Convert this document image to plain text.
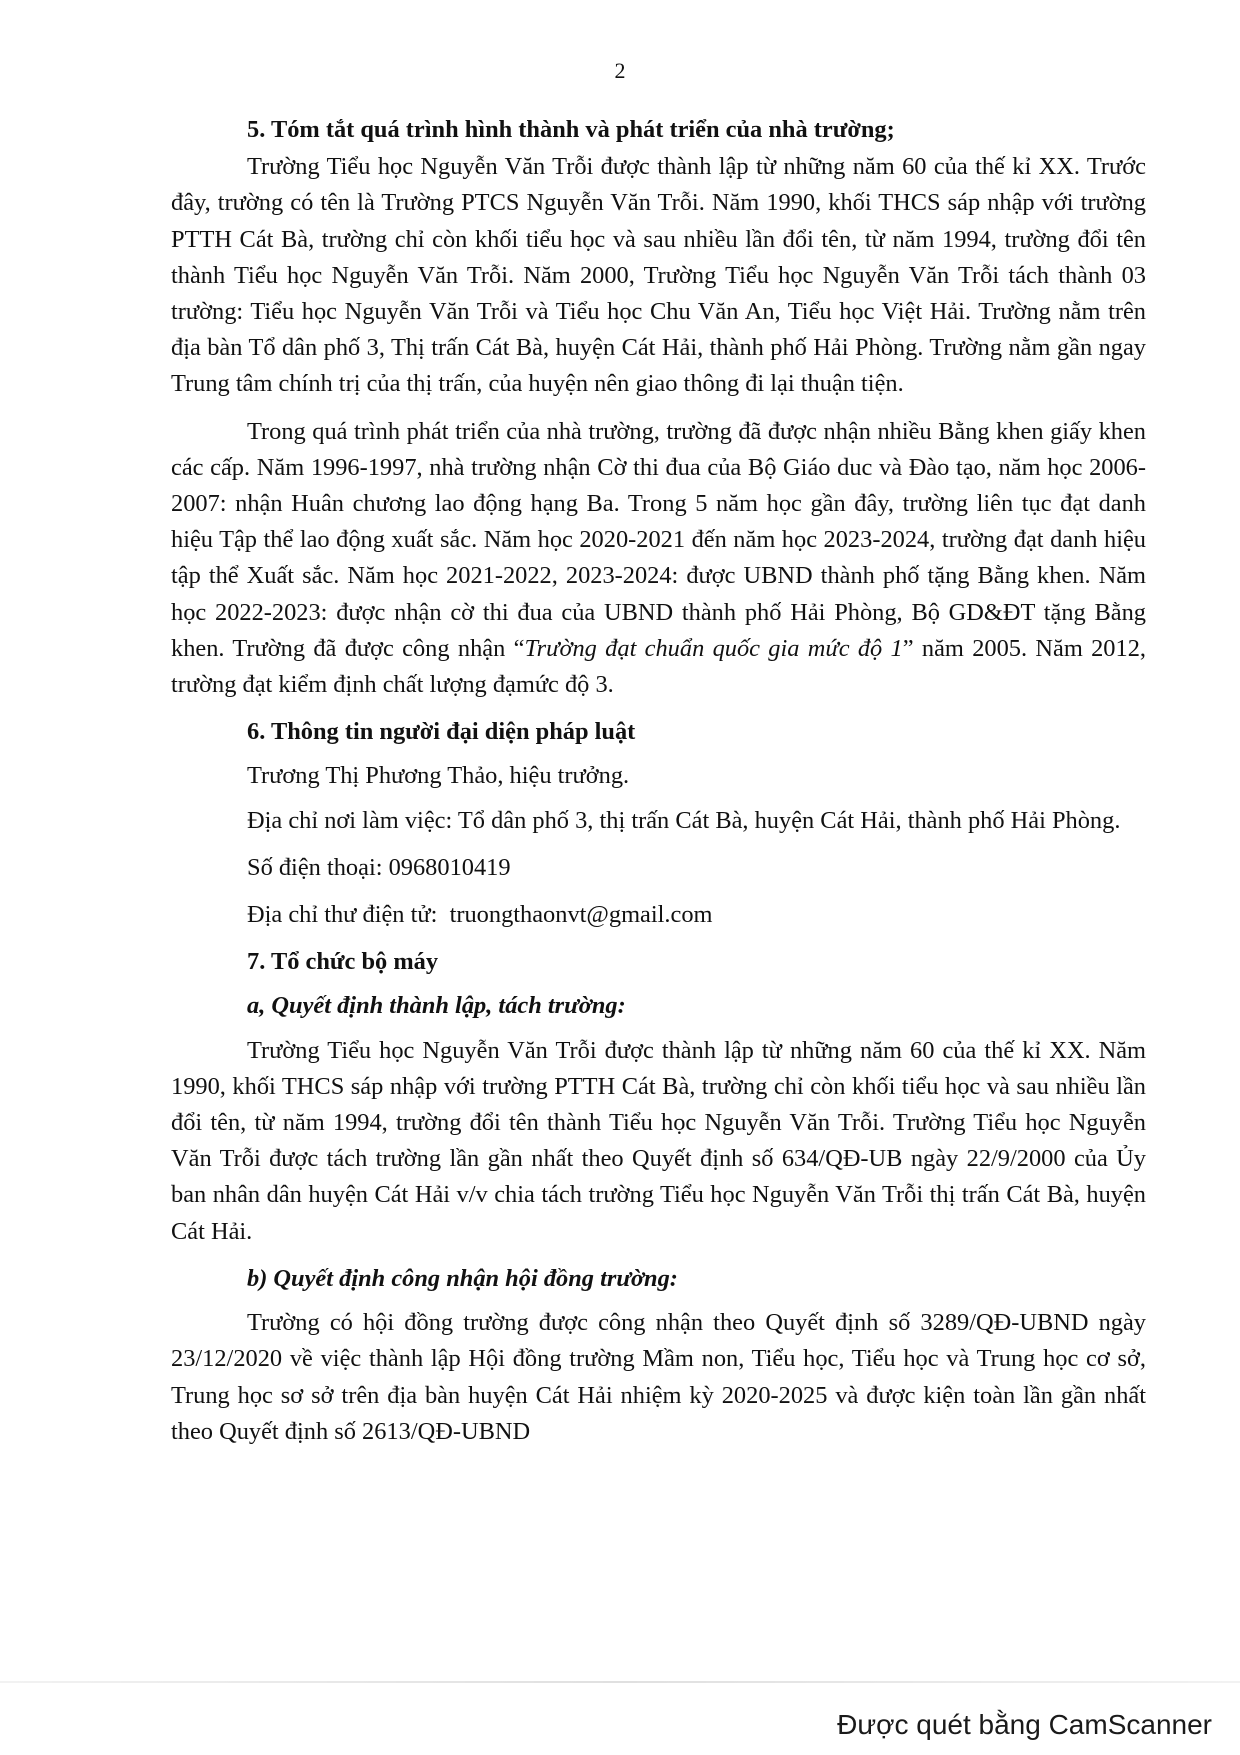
2

5. Tóm tắt quá trình hình thành và phát triển của nhà trường;

Trường Tiểu học Nguyễn Văn Trỗi được thành lập từ những năm 60 của thế kỉ XX. Trước đây, trường có tên là Trường PTCS Nguyễn Văn Trỗi. Năm 1990, khối THCS sáp nhập với trường PTTH Cát Bà, trường chỉ còn khối tiểu học và sau nhiều lần đổi tên, từ năm 1994, trường đổi tên thành Tiểu học Nguyễn Văn Trỗi. Năm 2000, Trường Tiểu học Nguyễn Văn Trỗi tách thành 03 trường: Tiểu học Nguyễn Văn Trỗi và Tiểu học Chu Văn An, Tiểu học Việt Hải. Trường nằm trên địa bàn Tổ dân phố 3, Thị trấn Cát Bà, huyện Cát Hải, thành phố Hải Phòng. Trường nằm gần ngay Trung tâm chính trị của thị trấn, của huyện nên giao thông đi lại thuận tiện.

Trong quá trình phát triển của nhà trường, trường đã được nhận nhiều Bằng khen giấy khen các cấp. Năm 1996-1997, nhà trường nhận Cờ thi đua của Bộ Giáo duc và Đào tạo, năm học 2006-2007: nhận Huân chương lao động hạng Ba. Trong 5 năm học gần đây, trường liên tục đạt danh hiệu Tập thể lao động xuất sắc. Năm học 2020-2021 đến năm học 2023-2024, trường đạt danh hiệu tập thể Xuất sắc. Năm học 2021-2022, 2023-2024: được UBND thành phố tặng Bằng khen. Năm học 2022-2023: được nhận cờ thi đua của UBND thành phố Hải Phòng, Bộ GD&ĐT tặng Bằng khen. Trường đã được công nhận “Trường đạt chuẩn quốc gia mức độ 1” năm 2005. Năm 2012, trường đạt kiểm định chất lượng đạmức độ 3.

6. Thông tin người đại diện pháp luật

Trương Thị Phương Thảo, hiệu trưởng.

Địa chỉ nơi làm việc: Tổ dân phố 3, thị trấn Cát Bà, huyện Cát Hải, thành phố Hải Phòng.

Số điện thoại: 0968010419

Địa chỉ thư điện tử: truongthaonvt@gmail.com

7. Tổ chức bộ máy

a, Quyết định thành lập, tách trường:

Trường Tiểu học Nguyễn Văn Trỗi được thành lập từ những năm 60 của thế kỉ XX. Năm 1990, khối THCS sáp nhập với trường PTTH Cát Bà, trường chỉ còn khối tiểu học và sau nhiều lần đổi tên, từ năm 1994, trường đổi tên thành Tiểu học Nguyễn Văn Trỗi. Trường Tiểu học Nguyễn Văn Trỗi được tách trường lần gần nhất theo Quyết định số 634/QĐ-UB ngày 22/9/2000 của Ủy ban nhân dân huyện Cát Hải v/v chia tách trường Tiểu học Nguyễn Văn Trỗi thị trấn Cát Bà, huyện Cát Hải.

b) Quyết định công nhận hội đồng trường:

Trường có hội đồng trường được công nhận theo Quyết định số 3289/QĐ-UBND ngày 23/12/2020 về việc thành lập Hội đồng trường Mầm non, Tiểu học, Tiểu học và Trung học cơ sở, Trung học sơ sở trên địa bàn huyện Cát Hải nhiệm kỳ 2020-2025 và được kiện toàn lần gần nhất theo Quyết định số 2613/QĐ-UBND

Được quét bằng CamScanner
